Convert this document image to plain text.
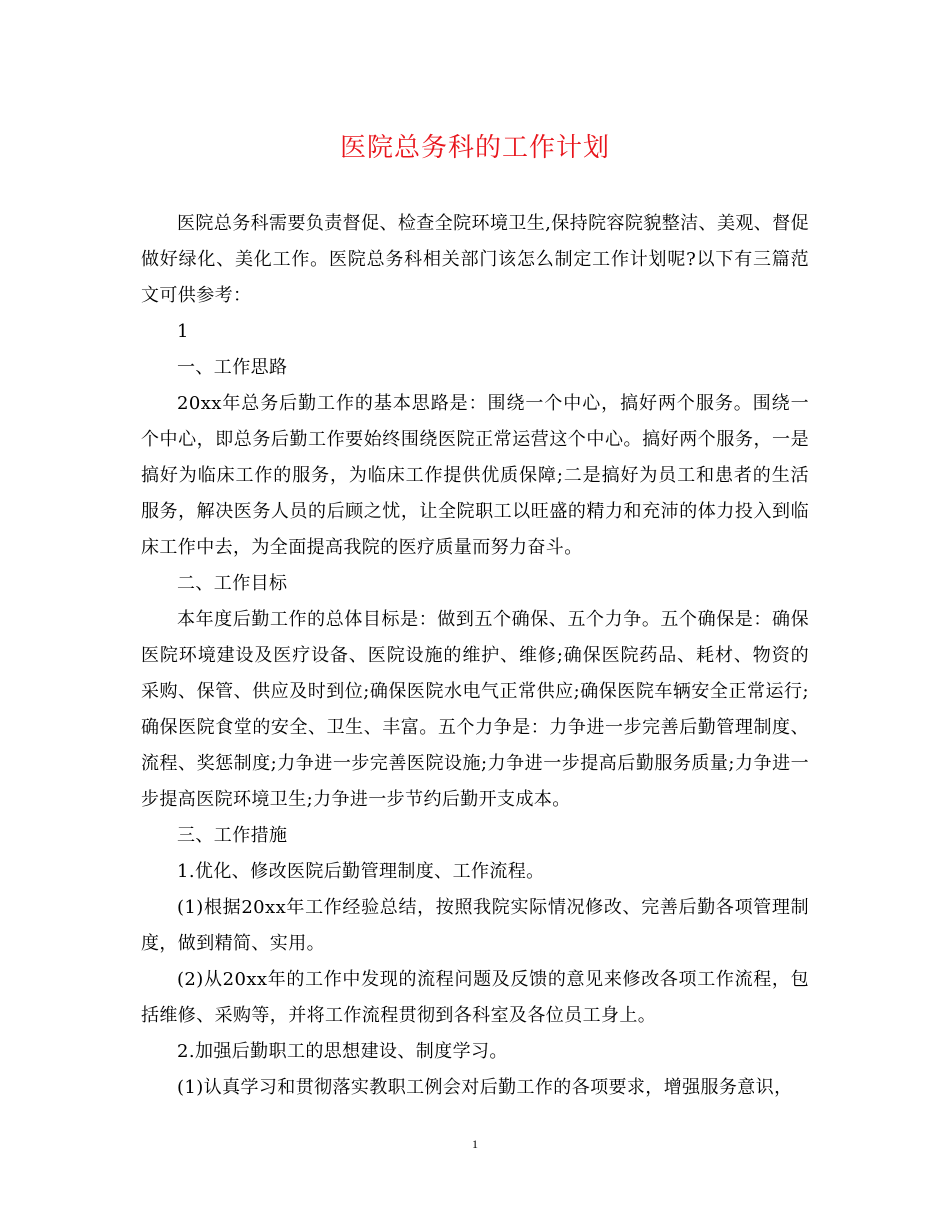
医院总务科的工作计划

医院总务科需要负责督促、检查全院环境卫生,保持院容院貌整洁、美观、督促做好绿化、美化工作。医院总务科相关部门该怎么制定工作计划呢?以下有三篇范文可供参考：

1

一、工作思路

20xx年总务后勤工作的基本思路是：围绕一个中心，搞好两个服务。围绕一个中心，即总务后勤工作要始终围绕医院正常运营这个中心。搞好两个服务，一是搞好为临床工作的服务，为临床工作提供优质保障;二是搞好为员工和患者的生活服务，解决医务人员的后顾之忧，让全院职工以旺盛的精力和充沛的体力投入到临床工作中去，为全面提高我院的医疗质量而努力奋斗。

二、工作目标

本年度后勤工作的总体目标是：做到五个确保、五个力争。五个确保是：确保医院环境建设及医疗设备、医院设施的维护、维修;确保医院药品、耗材、物资的采购、保管、供应及时到位;确保医院水电气正常供应;确保医院车辆安全正常运行;确保医院食堂的安全、卫生、丰富。五个力争是：力争进一步完善后勤管理制度、流程、奖惩制度;力争进一步完善医院设施;力争进一步提高后勤服务质量;力争进一步提高医院环境卫生;力争进一步节约后勤开支成本。

三、工作措施

1.优化、修改医院后勤管理制度、工作流程。

(1)根据20xx年工作经验总结，按照我院实际情况修改、完善后勤各项管理制度，做到精简、实用。

(2)从20xx年的工作中发现的流程问题及反馈的意见来修改各项工作流程，包括维修、采购等，并将工作流程贯彻到各科室及各位员工身上。

2.加强后勤职工的思想建设、制度学习。

(1)认真学习和贯彻落实教职工例会对后勤工作的各项要求，增强服务意识，

1
